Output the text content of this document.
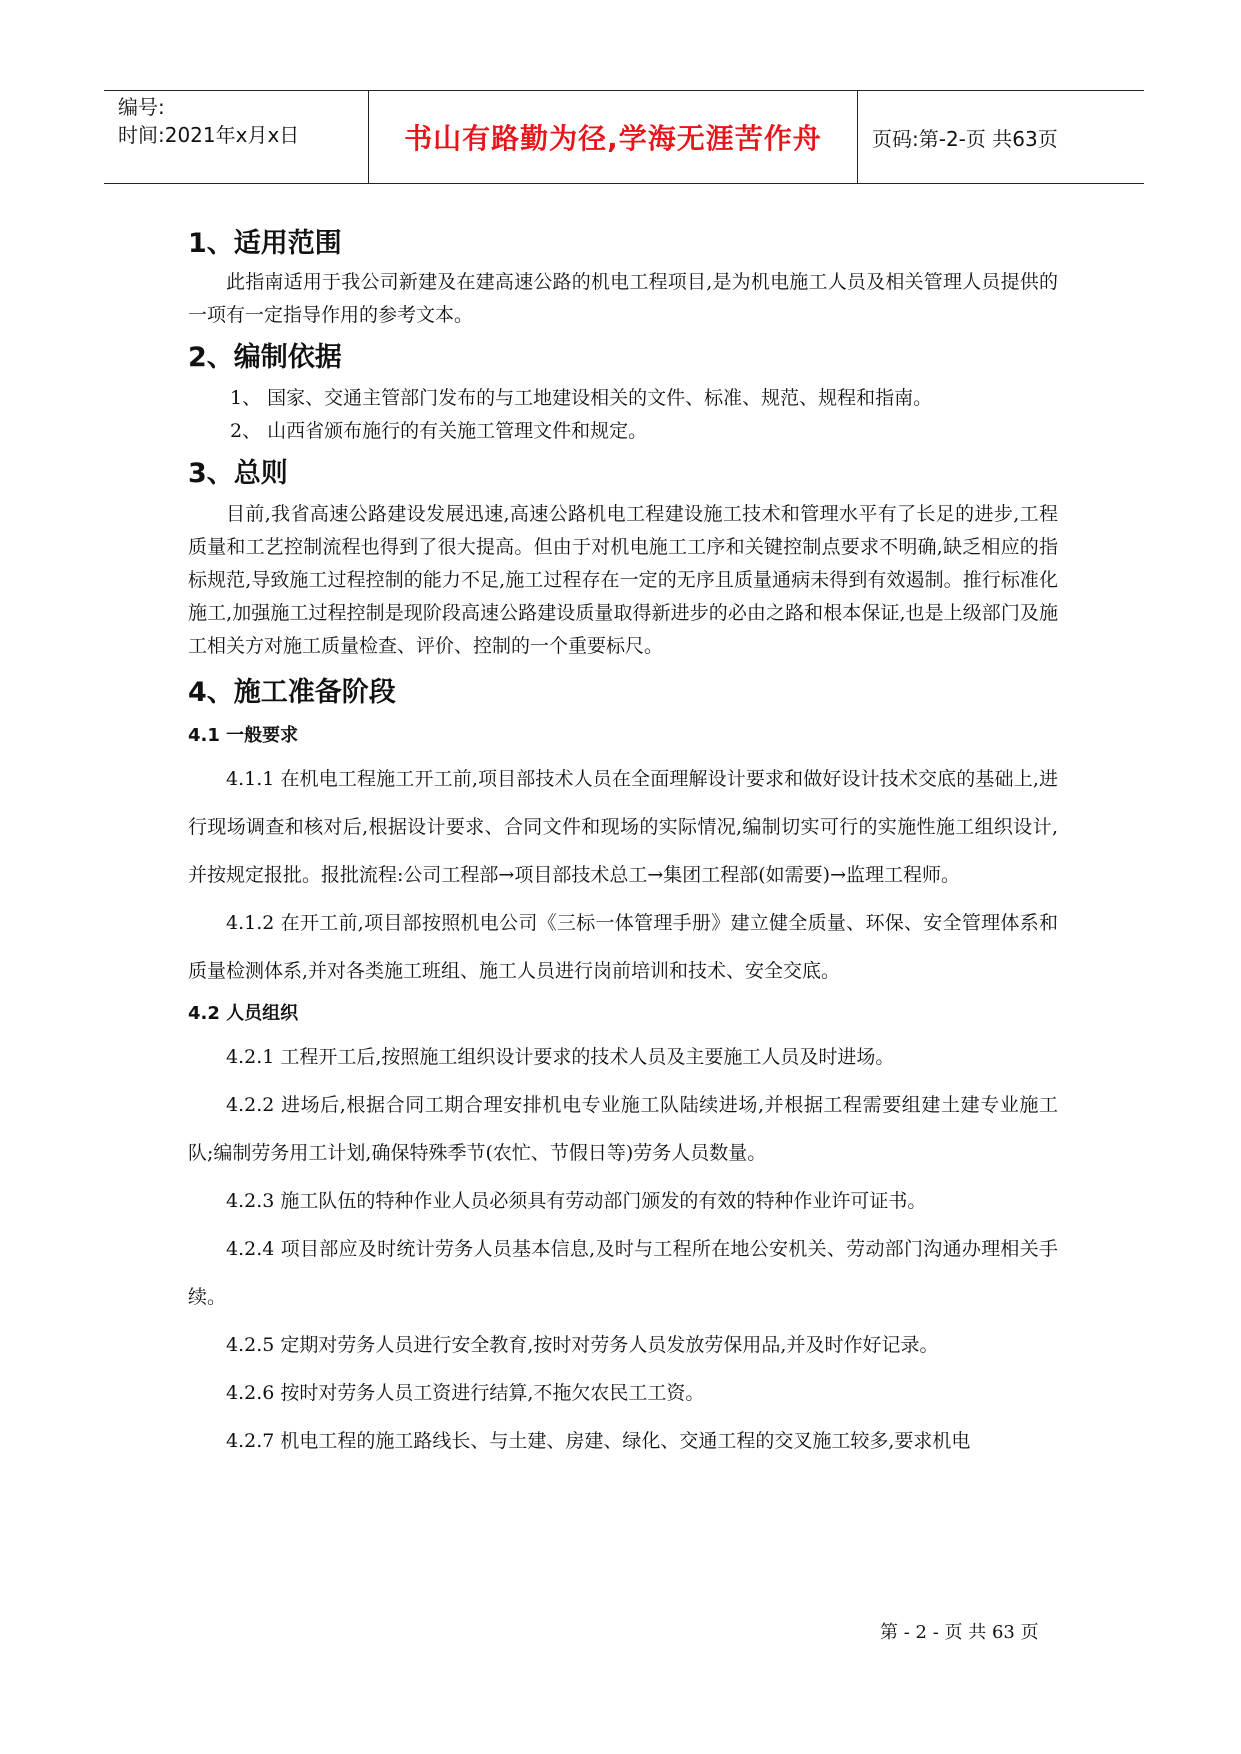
编号:
时间:2021年x月x日	书山有路勤为径,学海无涯苦作舟	页码:第-2-页 共63页
1、适用范围

此指南适用于我公司新建及在建高速公路的机电工程项目,是为机电施工人员及相关管理人员提供的一项有一定指导作用的参考文本。

2、编制依据

1、 国家、交通主管部门发布的与工地建设相关的文件、标准、规范、规程和指南。

2、 山西省颁布施行的有关施工管理文件和规定。

3、总则

目前,我省高速公路建设发展迅速,高速公路机电工程建设施工技术和管理水平有了长足的进步,工程质量和工艺控制流程也得到了很大提高。但由于对机电施工工序和关键控制点要求不明确,缺乏相应的指标规范,导致施工过程控制的能力不足,施工过程存在一定的无序且质量通病未得到有效遏制。推行标准化施工,加强施工过程控制是现阶段高速公路建设质量取得新进步的必由之路和根本保证,也是上级部门及施工相关方对施工质量检查、评价、控制的一个重要标尺。

4、施工准备阶段
4.1 一般要求

4.1.1 在机电工程施工开工前,项目部技术人员在全面理解设计要求和做好设计技术交底的基础上,进行现场调查和核对后,根据设计要求、合同文件和现场的实际情况,编制切实可行的实施性施工组织设计,并按规定报批。报批流程:公司工程部→项目部技术总工→集团工程部(如需要)→监理工程师。

4.1.2 在开工前,项目部按照机电公司《三标一体管理手册》建立健全质量、环保、安全管理体系和质量检测体系,并对各类施工班组、施工人员进行岗前培训和技术、安全交底。

4.2 人员组织

4.2.1 工程开工后,按照施工组织设计要求的技术人员及主要施工人员及时进场。

4.2.2 进场后,根据合同工期合理安排机电专业施工队陆续进场,并根据工程需要组建土建专业施工队;编制劳务用工计划,确保特殊季节(农忙、节假日等)劳务人员数量。

4.2.3 施工队伍的特种作业人员必须具有劳动部门颁发的有效的特种作业许可证书。

4.2.4 项目部应及时统计劳务人员基本信息,及时与工程所在地公安机关、劳动部门沟通办理相关手续。

4.2.5 定期对劳务人员进行安全教育,按时对劳务人员发放劳保用品,并及时作好记录。

4.2.6 按时对劳务人员工资进行结算,不拖欠农民工工资。

4.2.7 机电工程的施工路线长、与土建、房建、绿化、交通工程的交叉施工较多,要求机电

第 - 2 - 页 共 63 页
